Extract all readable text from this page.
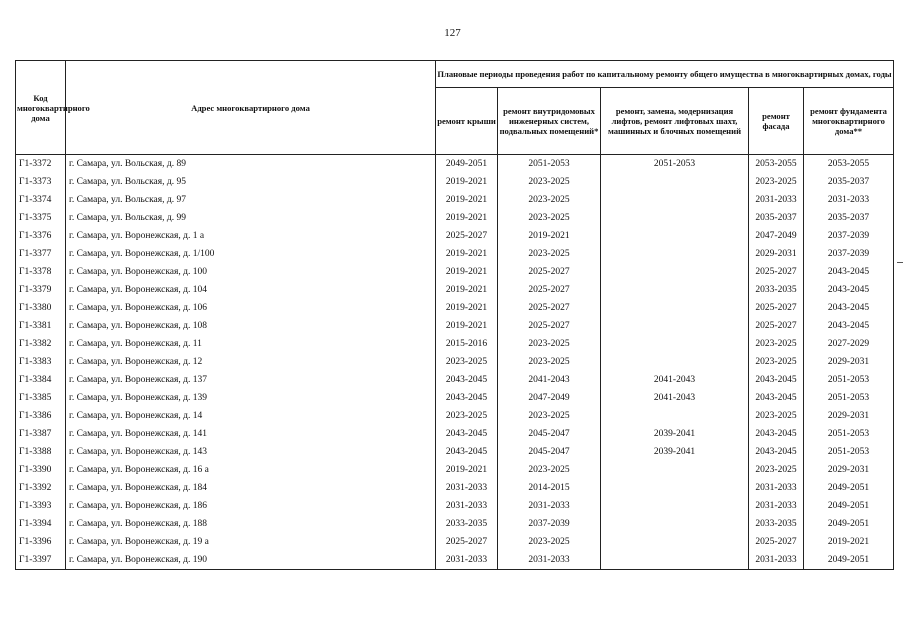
127
Код многоквартирного дома	Адрес многоквартирного дома	Плановые периоды проведения работ по капитальному ремонту общего имущества в многоквартирных домах, годы				
		ремонт крыши	ремонт внутридомовых инженерных систем, подвальных помещений*	ремонт, замена, модернизация лифтов, ремонт лифтовых шахт, машинных и блочных помещений	ремонт фасада	ремонт фундамента многоквартирного дома**
Г1-3372	г. Самара, ул. Вольская, д. 89	2049-2051	2051-2053	2051-2053	2053-2055	2053-2055
Г1-3373	г. Самара, ул. Вольская, д. 95	2019-2021	2023-2025		2023-2025	2035-2037
Г1-3374	г. Самара, ул. Вольская, д. 97	2019-2021	2023-2025		2031-2033	2031-2033
Г1-3375	г. Самара, ул. Вольская, д. 99	2019-2021	2023-2025		2035-2037	2035-2037
Г1-3376	г. Самара, ул. Воронежская, д. 1 а	2025-2027	2019-2021		2047-2049	2037-2039
Г1-3377	г. Самара, ул. Воронежская, д. 1/100	2019-2021	2023-2025		2029-2031	2037-2039
Г1-3378	г. Самара, ул. Воронежская, д. 100	2019-2021	2025-2027		2025-2027	2043-2045
Г1-3379	г. Самара, ул. Воронежская, д. 104	2019-2021	2025-2027		2033-2035	2043-2045
Г1-3380	г. Самара, ул. Воронежская, д. 106	2019-2021	2025-2027		2025-2027	2043-2045
Г1-3381	г. Самара, ул. Воронежская, д. 108	2019-2021	2025-2027		2025-2027	2043-2045
Г1-3382	г. Самара, ул. Воронежская, д. 11	2015-2016	2023-2025		2023-2025	2027-2029
Г1-3383	г. Самара, ул. Воронежская, д. 12	2023-2025	2023-2025		2023-2025	2029-2031
Г1-3384	г. Самара, ул. Воронежская, д. 137	2043-2045	2041-2043	2041-2043	2043-2045	2051-2053
Г1-3385	г. Самара, ул. Воронежская, д. 139	2043-2045	2047-2049	2041-2043	2043-2045	2051-2053
Г1-3386	г. Самара, ул. Воронежская, д. 14	2023-2025	2023-2025		2023-2025	2029-2031
Г1-3387	г. Самара, ул. Воронежская, д. 141	2043-2045	2045-2047	2039-2041	2043-2045	2051-2053
Г1-3388	г. Самара, ул. Воронежская, д. 143	2043-2045	2045-2047	2039-2041	2043-2045	2051-2053
Г1-3390	г. Самара, ул. Воронежская, д. 16 а	2019-2021	2023-2025		2023-2025	2029-2031
Г1-3392	г. Самара, ул. Воронежская, д. 184	2031-2033	2014-2015		2031-2033	2049-2051
Г1-3393	г. Самара, ул. Воронежская, д. 186	2031-2033	2031-2033		2031-2033	2049-2051
Г1-3394	г. Самара, ул. Воронежская, д. 188	2033-2035	2037-2039		2033-2035	2049-2051
Г1-3396	г. Самара, ул. Воронежская, д. 19 а	2025-2027	2023-2025		2025-2027	2019-2021
Г1-3397	г. Самара, ул. Воронежская, д. 190	2031-2033	2031-2033		2031-2033	2049-2051
